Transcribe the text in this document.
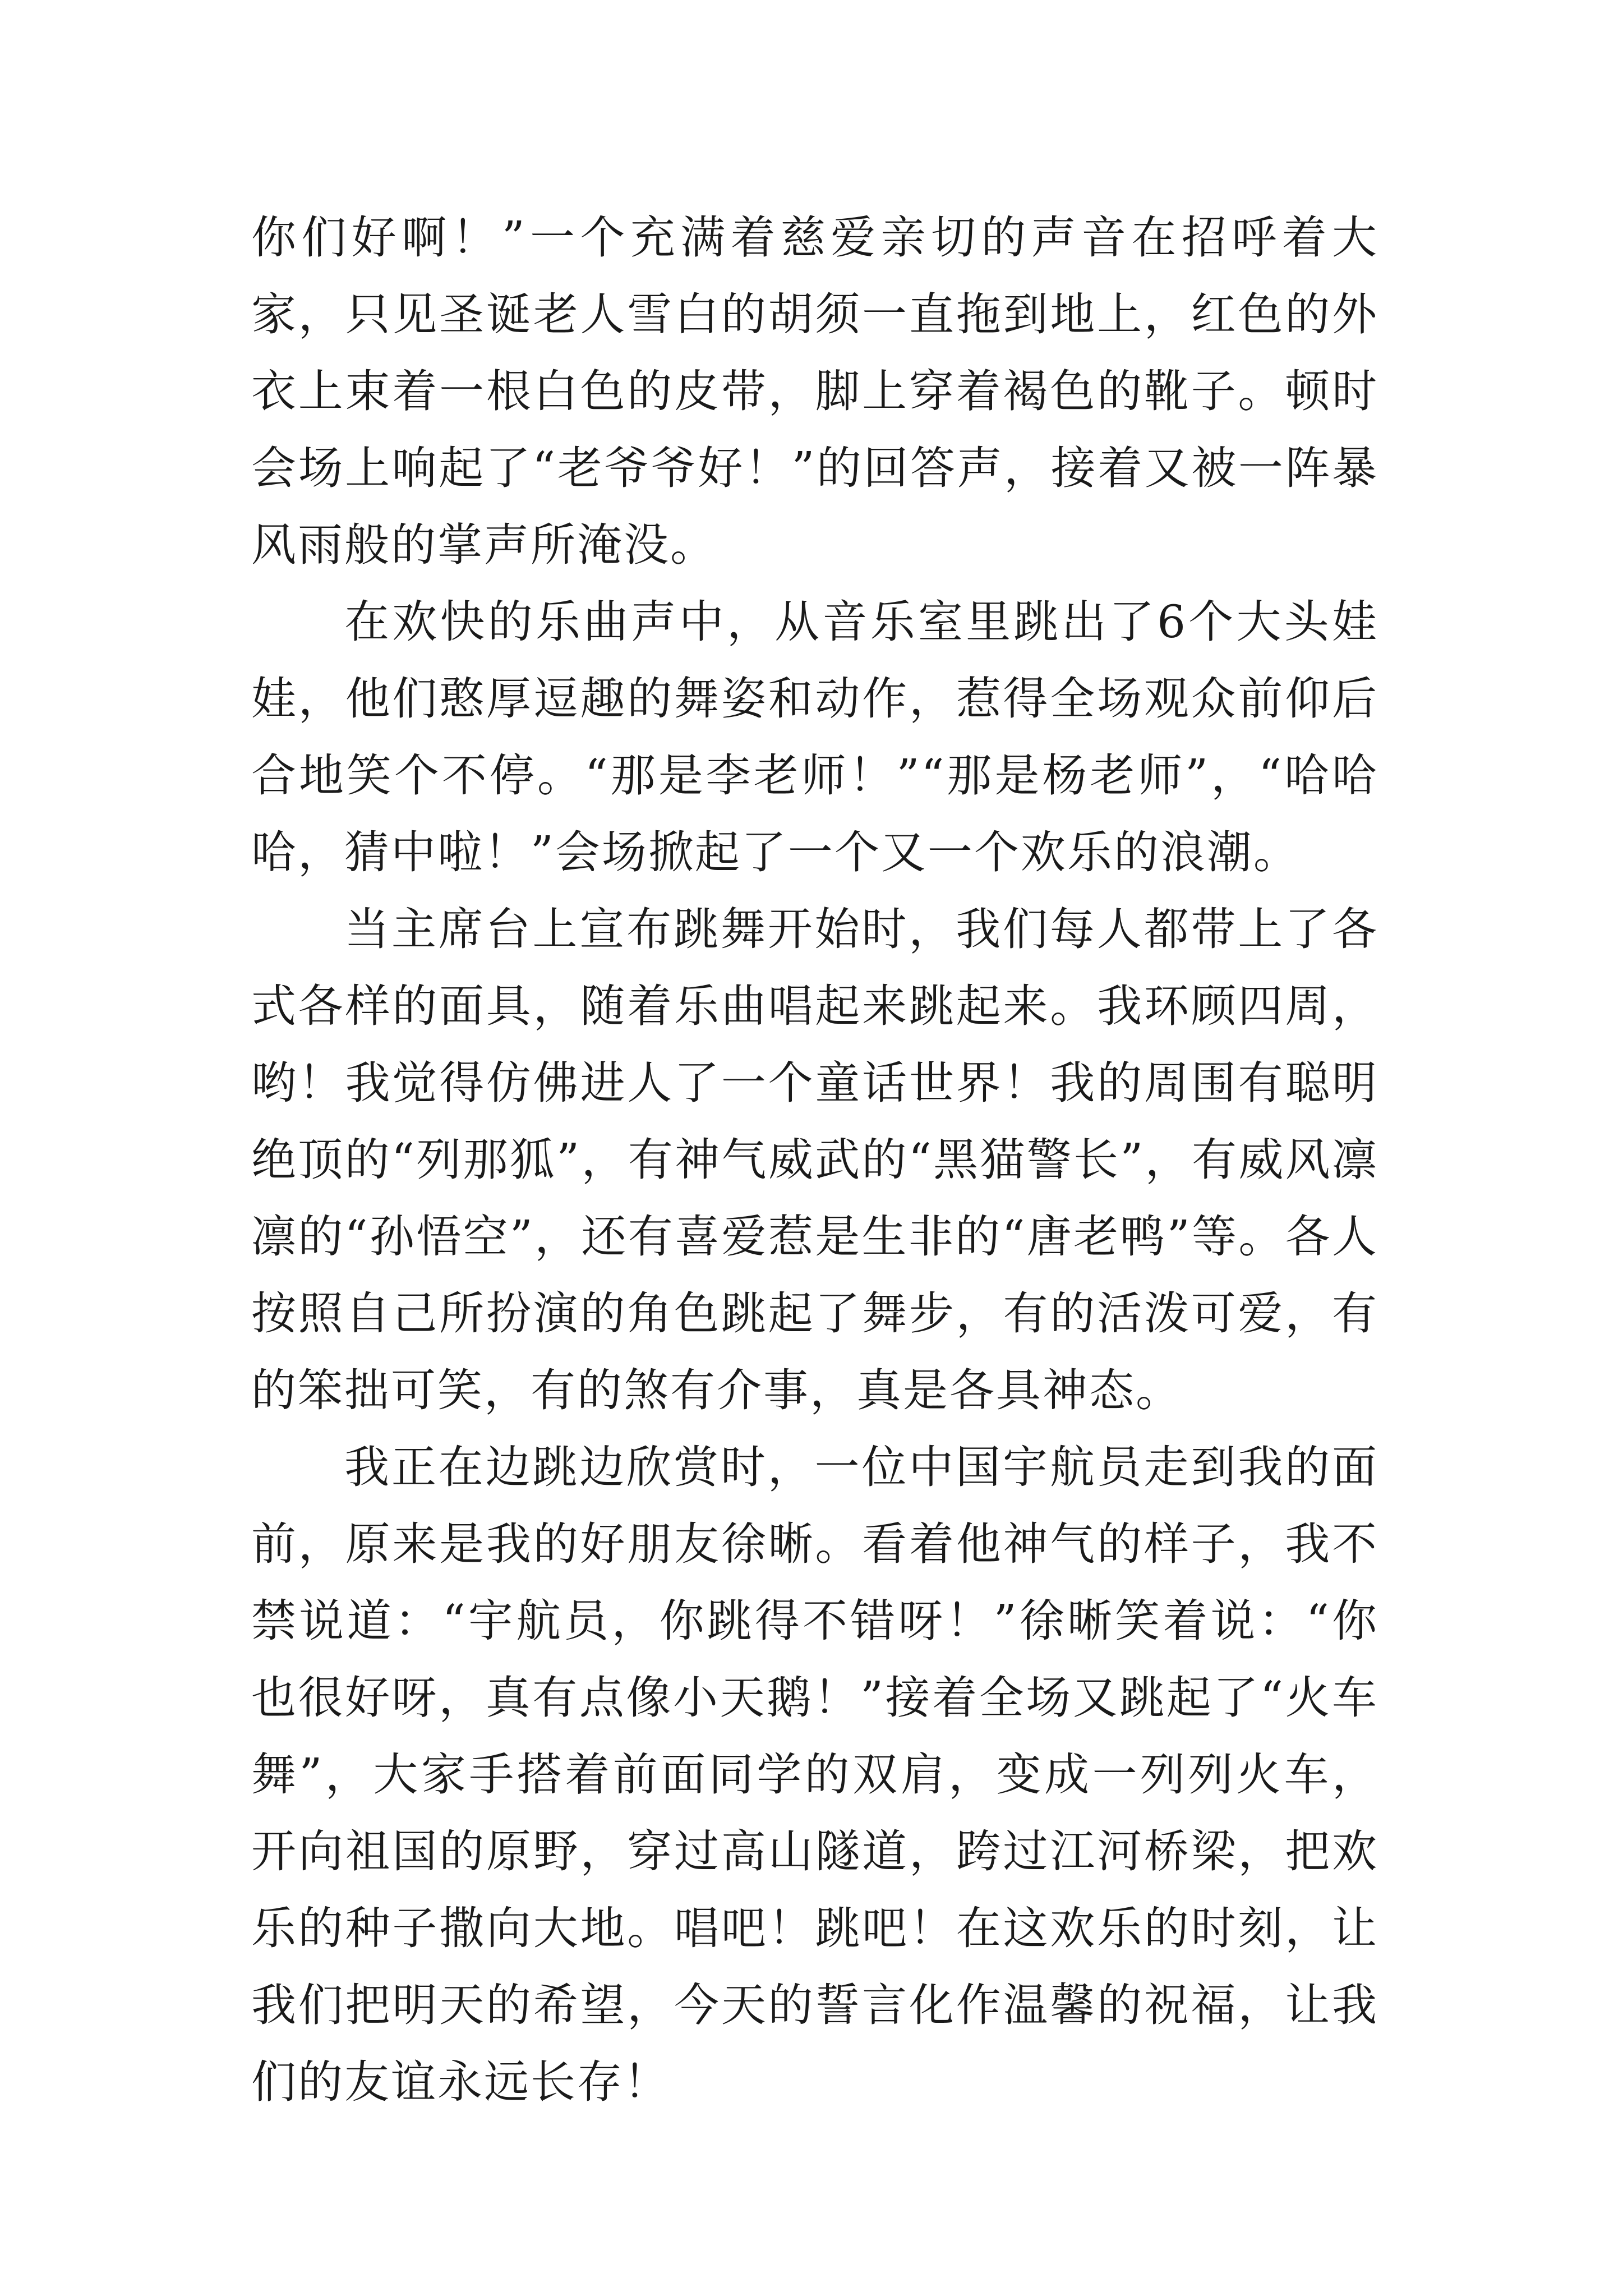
你们好啊！”一个充满着慈爱亲切的声音在招呼着大家，只见圣诞老人雪白的胡须一直拖到地上，红色的外衣上束着一根白色的皮带，脚上穿着褐色的靴子。顿时会场上响起了“老爷爷好！”的回答声，接着又被一阵暴风雨般的掌声所淹没。

在欢快的乐曲声中，从音乐室里跳出了6个大头娃娃，他们憨厚逗趣的舞姿和动作，惹得全场观众前仰后合地笑个不停。“那是李老师！”“那是杨老师”，“哈哈哈，猜中啦！”会场掀起了一个又一个欢乐的浪潮。

当主席台上宣布跳舞开始时，我们每人都带上了各式各样的面具，随着乐曲唱起来跳起来。我环顾四周，哟！我觉得仿佛进人了一个童话世界！我的周围有聪明绝顶的“列那狐”，有神气威武的“黑猫警长”，有威风凛凛的“孙悟空”，还有喜爱惹是生非的“唐老鸭”等。各人按照自己所扮演的角色跳起了舞步，有的活泼可爱，有的笨拙可笑，有的煞有介事，真是各具神态。

我正在边跳边欣赏时，一位中国宇航员走到我的面前，原来是我的好朋友徐晰。看着他神气的样子，我不禁说道：“宇航员，你跳得不错呀！”徐晰笑着说：“你也很好呀，真有点像小天鹅！”接着全场又跳起了“火车舞”，大家手搭着前面同学的双肩，变成一列列火车，开向祖国的原野，穿过高山隧道，跨过江河桥梁，把欢乐的种子撒向大地。唱吧！跳吧！在这欢乐的时刻，让我们把明天的希望，今天的誓言化作温馨的祝福，让我们的友谊永远长存！
